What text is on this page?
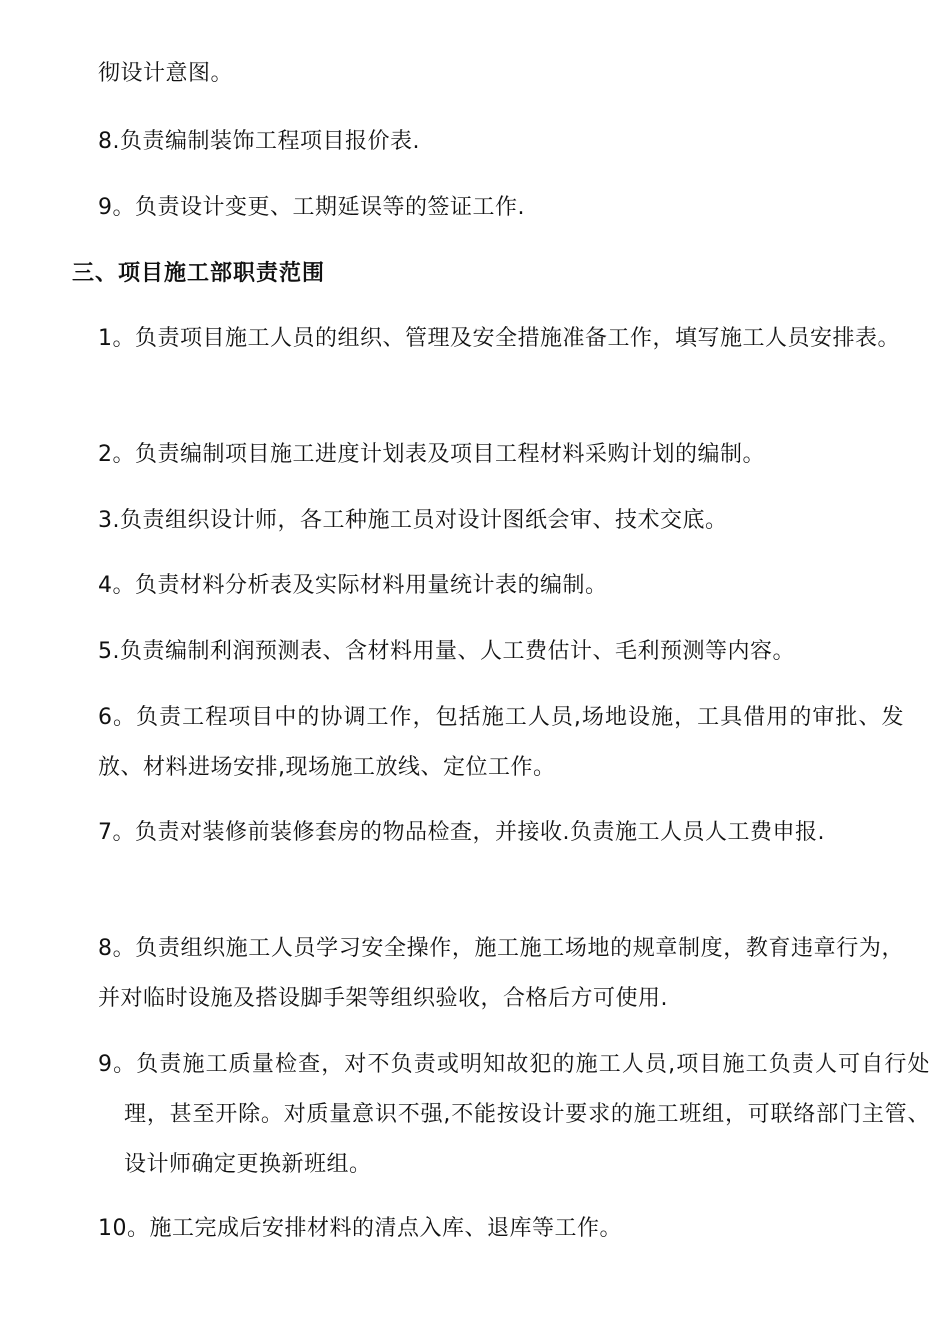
彻设计意图。
8.负责编制装饰工程项目报价表.
9。负责设计变更、工期延误等的签证工作.
三、项目施工部职责范围
1。负责项目施工人员的组织、管理及安全措施准备工作，填写施工人员安排表。
2。负责编制项目施工进度计划表及项目工程材料采购计划的编制。
3.负责组织设计师，各工种施工员对设计图纸会审、技术交底。
4。负责材料分析表及实际材料用量统计表的编制。
5.负责编制利润预测表、含材料用量、人工费估计、毛利预测等内容。
6。负责工程项目中的协调工作，包括施工人员,场地设施，工具借用的审批、发放、材料进场安排,现场施工放线、定位工作。
7。负责对装修前装修套房的物品检查，并接收.负责施工人员人工费申报.
8。负责组织施工人员学习安全操作，施工施工场地的规章制度，教育违章行为，并对临时设施及搭设脚手架等组织验收，合格后方可使用.
9。负责施工质量检查，对不负责或明知故犯的施工人员,项目施工负责人可自行处理，甚至开除。对质量意识不强,不能按设计要求的施工班组，可联络部门主管、设计师确定更换新班组。
10。施工完成后安排材料的清点入库、退库等工作。
